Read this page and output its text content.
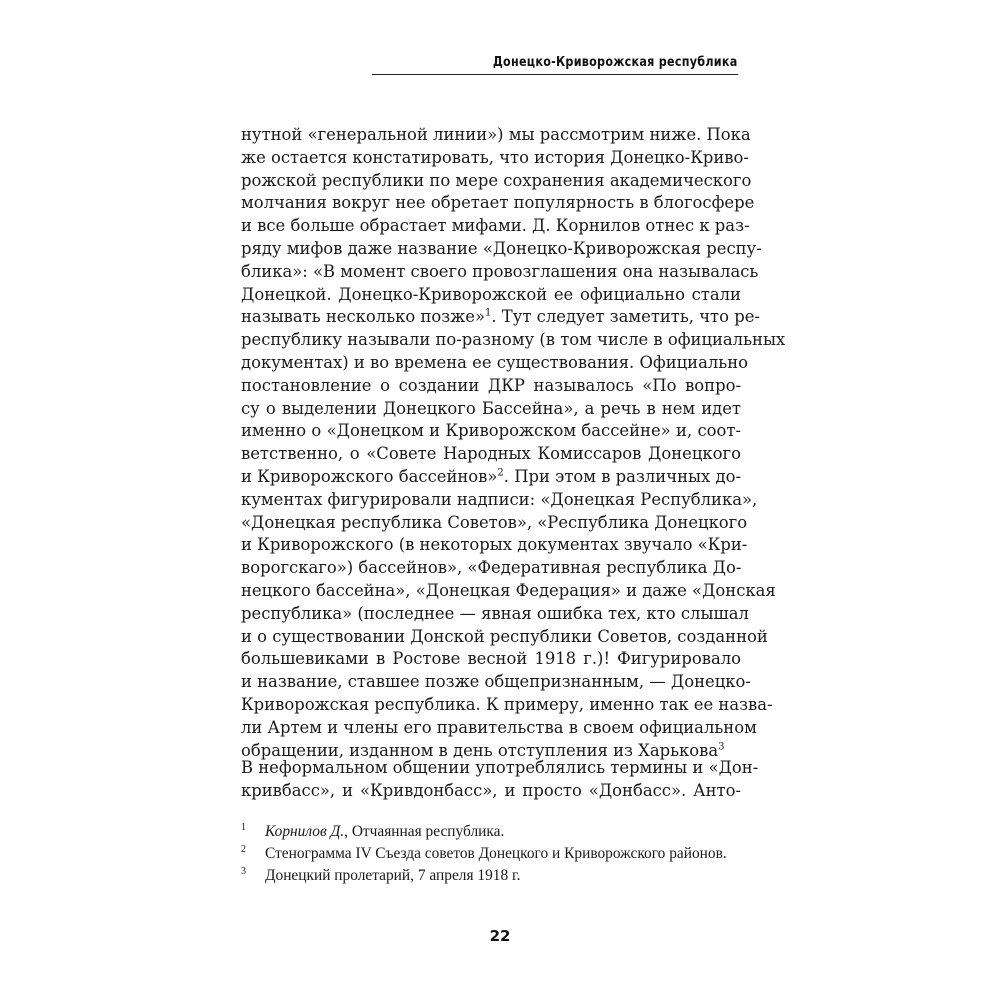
Донецко-Криворожская республика
нутной «генеральной линии») мы рассмотрим ниже. Пока
же остается констатировать, что история Донецко-Криво-
рожской республики по мере сохранения академического
молчания вокруг нее обретает популярность в блогосфере
и все больше обрастает мифами. Д. Корнилов отнес к раз-
ряду мифов даже название «Донецко-Криворожская респу-
блика»: «В момент своего провозглашения она называлась
Донецкой. Донецко-Криворожской ее официально стали
называть несколько позже»$^1$. Тут следует заметить, что ре-
республику называли по-разному (в том числе в официальных
документах) и во времена ее существования. Официально
постановление о создании ДКР называлось «По вопро-
су о выделении Донецкого Бассейна», а речь в нем идет
именно о «Донецком и Криворожском бассейне» и, соот-
ветственно, о «Совете Народных Комиссаров Донецкого
и Криворожского бассейнов»$^2$. При этом в различных до-
кументах фигурировали надписи: «Донецкая Республика»,
«Донецкая республика Советов», «Республика Донецкого
и Криворожского (в некоторых документах звучало «Кри-
ворогскаго») бассейнов», «Федеративная республика До-
нецкого бассейна», «Донецкая Федерация» и даже «Донская
республика» (последнее — явная ошибка тех, кто слышал
и о существовании Донской республики Советов, созданной
большевиками в Ростове весной 1918 г.)! Фигурировало
и название, ставшее позже общепризнанным, — Донецко-
Криворожская республика. К примеру, именно так ее назва-
ли Артем и члены его правительства в своем официальном
обращении, изданном в день отступления из Харькова$^3$
В неформальном общении употреблялись термины и «Дон-
кривбасс», и «Кривдонбасс», и просто «Донбасс». Анто-
1 Корнилов Д., Отчаянная республика.
2 Стенограмма IV Съезда советов Донецкого и Криворожского районов.
3 Донецкий пролетарий, 7 апреля 1918 г.
22
